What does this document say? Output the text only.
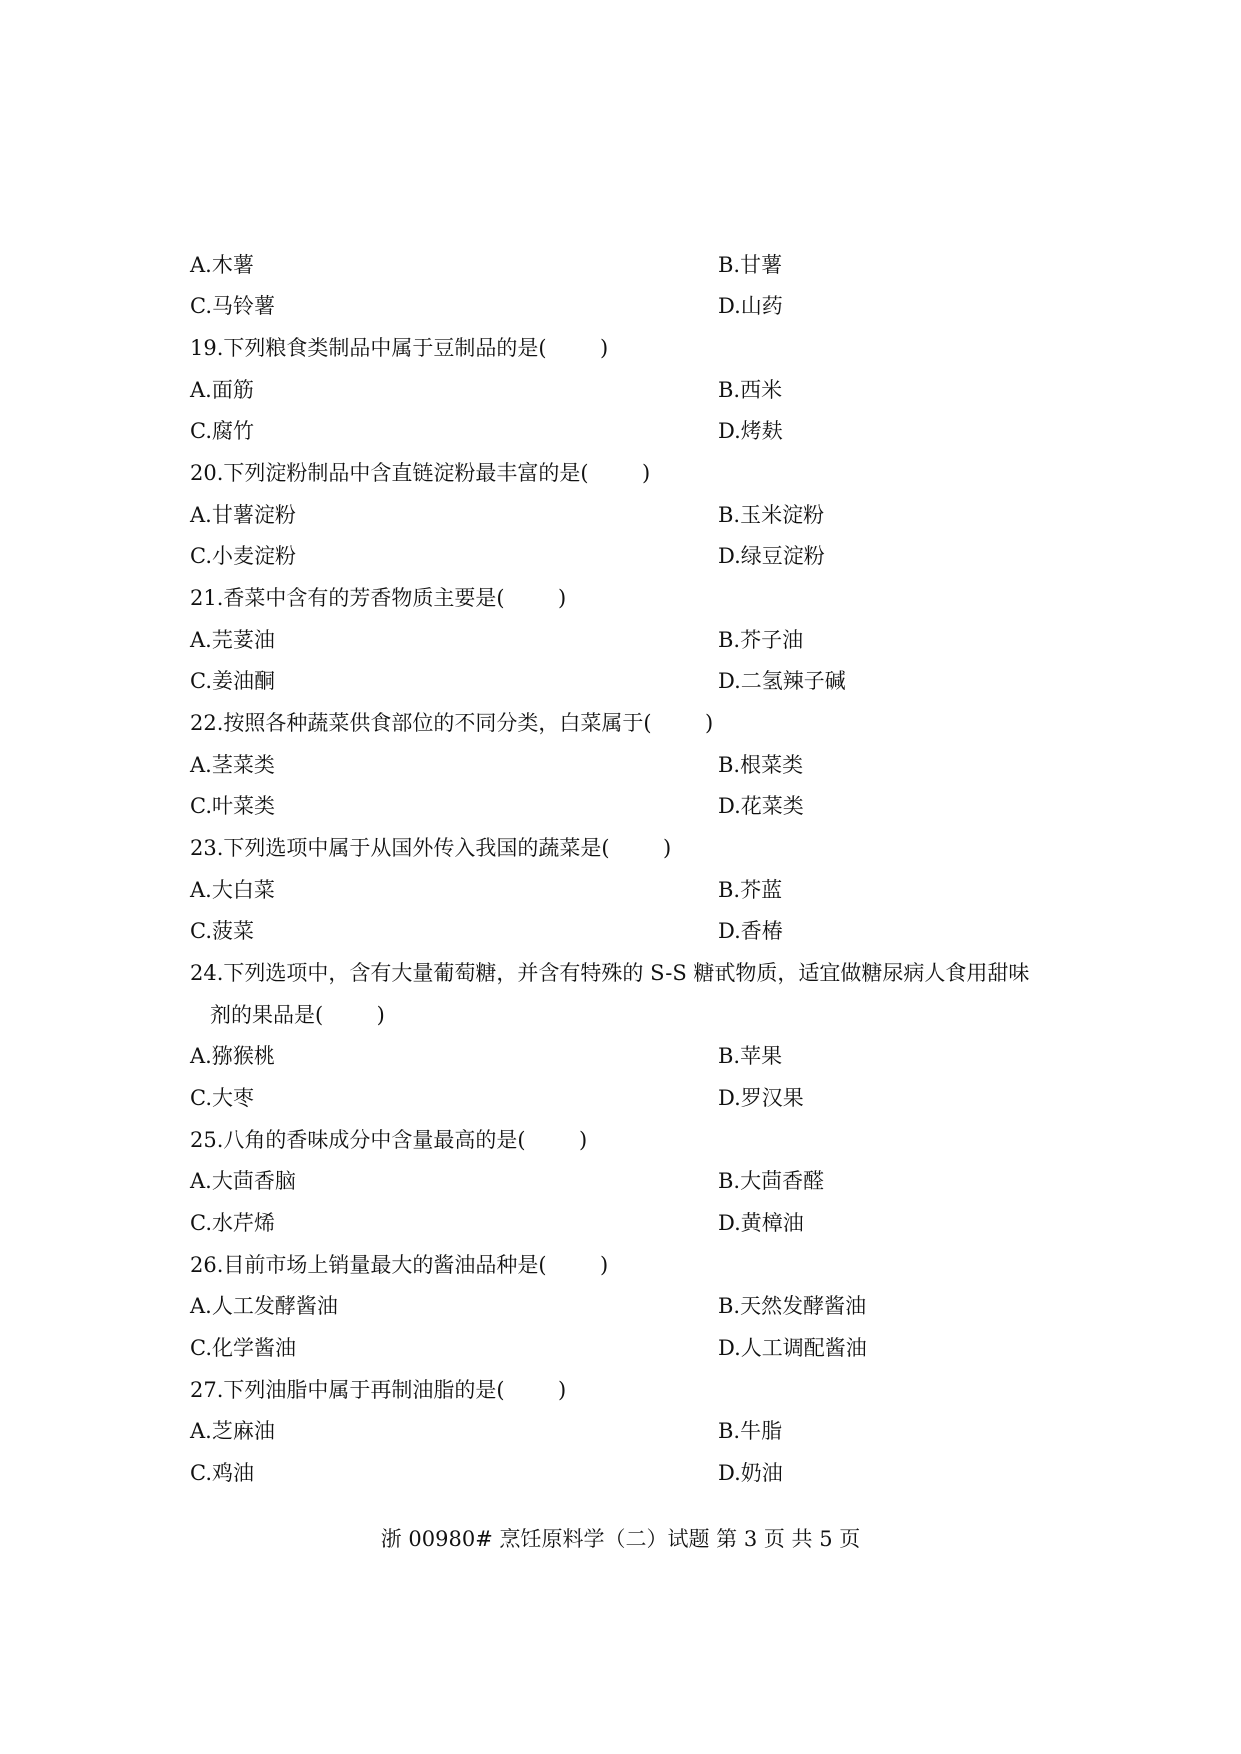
A.木薯	B.甘薯
C.马铃薯	D.山药
19.下列粮食类制品中属于豆制品的是(        )
A.面筋	B.西米
C.腐竹	D.烤麸
20.下列淀粉制品中含直链淀粉最丰富的是(        )
A.甘薯淀粉	B.玉米淀粉
C.小麦淀粉	D.绿豆淀粉
21.香菜中含有的芳香物质主要是(        )
A.芫荽油	B.芥子油
C.姜油酮	D.二氢辣子碱
22.按照各种蔬菜供食部位的不同分类，白菜属于(        )
A.茎菜类	B.根菜类
C.叶菜类	D.花菜类
23.下列选项中属于从国外传入我国的蔬菜是(        )
A.大白菜	B.芥蓝
C.菠菜	D.香椿
24.下列选项中，含有大量葡萄糖，并含有特殊的 S-S 糖甙物质，适宜做糖尿病人食用甜味
剂的果品是(        )
A.猕猴桃	B.苹果
C.大枣	D.罗汉果
25.八角的香味成分中含量最高的是(        )
A.大茴香脑	B.大茴香醛
C.水芹烯	D.黄樟油
26.目前市场上销量最大的酱油品种是(        )
A.人工发酵酱油	B.天然发酵酱油
C.化学酱油	D.人工调配酱油
27.下列油脂中属于再制油脂的是(        )
A.芝麻油	B.牛脂
C.鸡油	D.奶油
浙 00980# 烹饪原料学（二）试题 第 3 页 共 5 页
